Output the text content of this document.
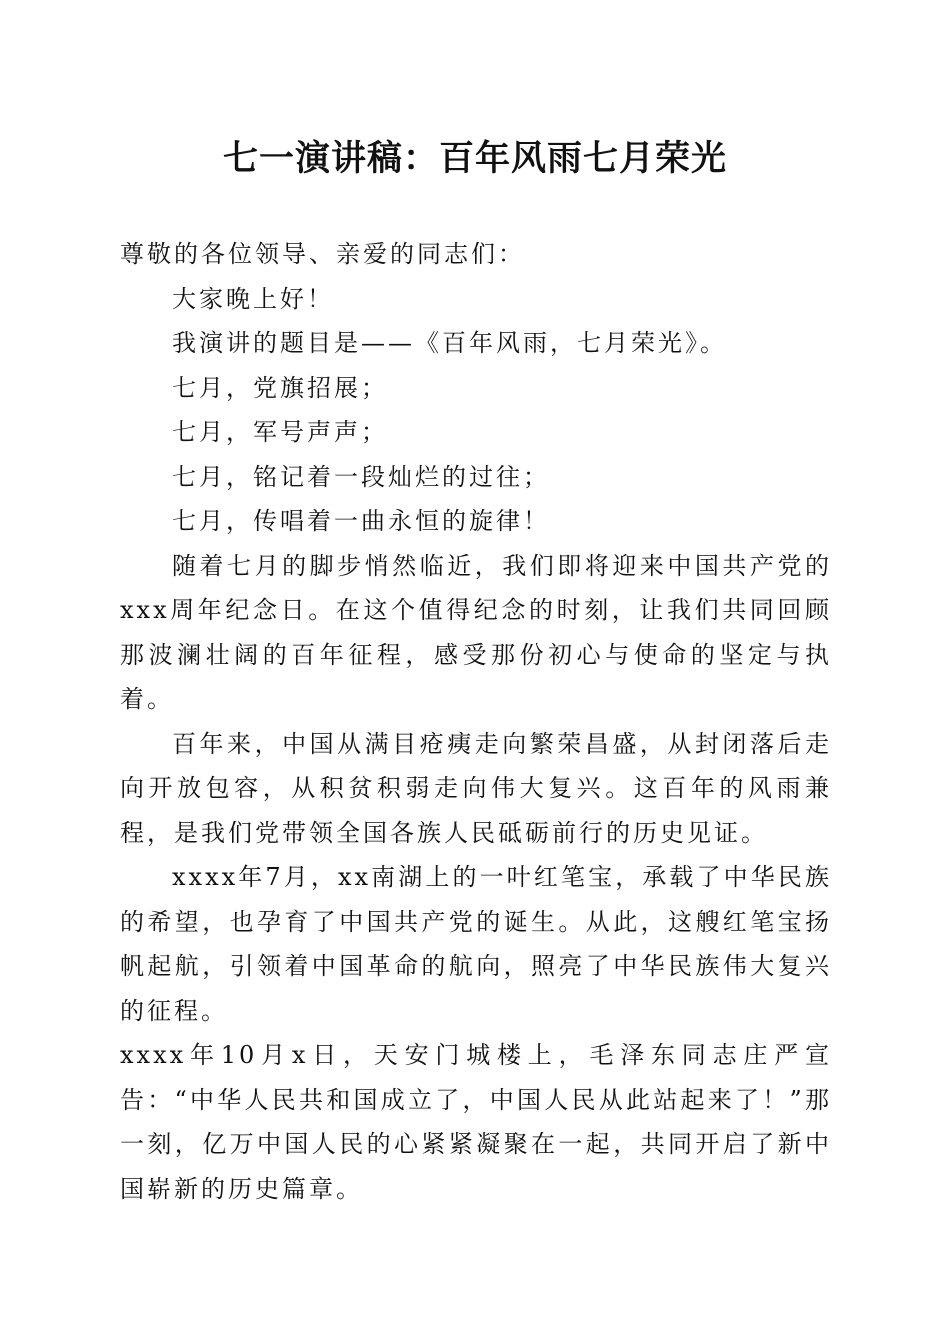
七一演讲稿：百年风雨七月荣光

尊敬的各位领导、亲爱的同志们：

大家晚上好！

我演讲的题目是——《百年风雨，七月荣光》。

七月，党旗招展；

七月，军号声声；

七月，铭记着一段灿烂的过往；

七月，传唱着一曲永恒的旋律！

随着七月的脚步悄然临近，我们即将迎来中国共产党的xxx周年纪念日。在这个值得纪念的时刻，让我们共同回顾那波澜壮阔的百年征程，感受那份初心与使命的坚定与执着。

百年来，中国从满目疮痍走向繁荣昌盛，从封闭落后走向开放包容，从积贫积弱走向伟大复兴。这百年的风雨兼程，是我们党带领全国各族人民砥砺前行的历史见证。

xxxx年7月，xx南湖上的一叶红笔宝，承载了中华民族的希望，也孕育了中国共产党的诞生。从此，这艘红笔宝扬帆起航，引领着中国革命的航向，照亮了中华民族伟大复兴的征程。

xxxx年10月x日，天安门城楼上，毛泽东同志庄严宣告：“中华人民共和国成立了，中国人民从此站起来了！”那一刻，亿万中国人民的心紧紧凝聚在一起，共同开启了新中国崭新的历史篇章。
